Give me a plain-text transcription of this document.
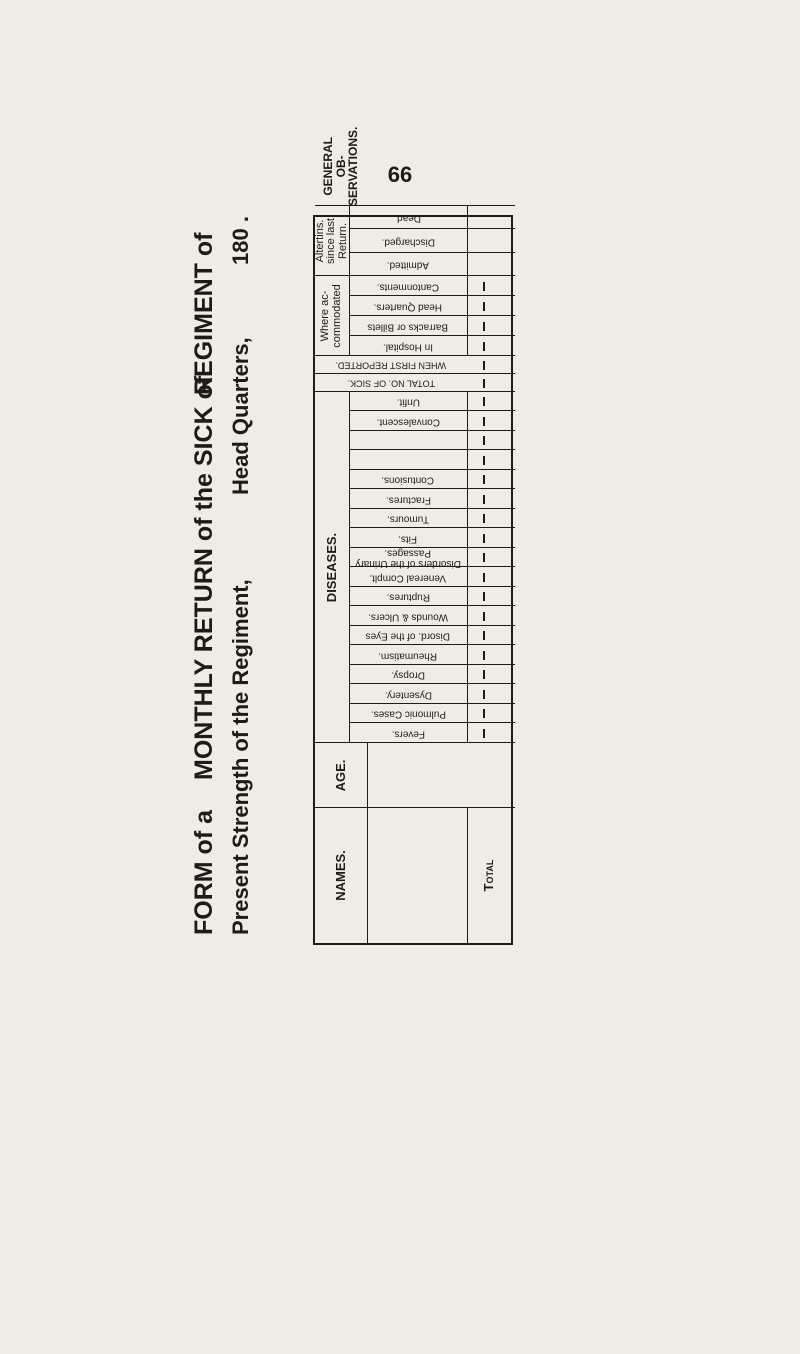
66
FORM of a
MONTHLY RETURN of the SICK of
REGIMENT of
Present Strength of the Regiment,
Head Quarters,
180 .
NAMES.	Total
AGE.
DISEASES.
Fevers.
Pulmonic Cases.
Dysentery.
Dropsy.
Rheumatism.
Disord. of the Eyes
Wounds & Ulcers.
Ruptures.
Venereal Complt.
Disorders of the Urinary Passages.
Fits.
Tumours.
Fractures.
Contusions.
Convalescent.
Unfit.
TOTAL NO. OF SICK.
WHEN FIRST REPORTED.
Where ac-commodated	In Hospital.
Barracks or Billets
Head Quarters.
Cantonments.
Altertins. since last Return.
Admitted.
Discharged.
Dead.
GENERAL OB-SERVATIONS.
